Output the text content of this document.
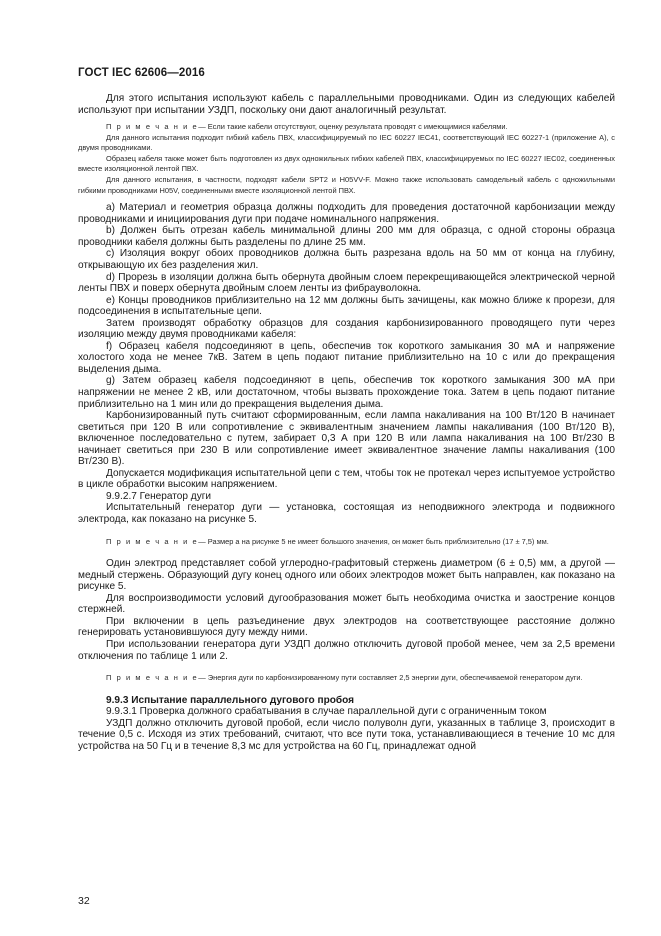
ГОСТ IEC 62606—2016

Для этого испытания используют кабель с параллельными проводниками. Один из следующих кабелей используют при испытании УЗДП, поскольку они дают аналогичный результат.

П р и м е ч а н и е— Если такие кабели отсутствуют, оценку результата проводят с имеющимися кабелями.
Для данного испытания подходит гибкий кабель ПВХ, классифицируемый по IEC 60227 IEC41, соответствующий IEC 60227-1 (приложение А), с двумя проводниками.
Образец кабеля также может быть подготовлен из двух одножильных гибких кабелей ПВХ, классифицируемых по IEC 60227 IEC02, соединенных вместе изоляционной лентой ПВХ.
Для данного испытания, в частности, подходят кабели SPT2 и H05VV-F. Можно также использовать самодельный кабель с одножильными гибкими проводниками H05V, соединенными вместе изоляционной лентой ПВХ.

а) Материал и геометрия образца должны подходить для проведения достаточной карбонизации между проводниками и инициирования дуги при подаче номинального напряжения.

b) Должен быть отрезан кабель минимальной длины 200 мм для образца, с одной стороны образца проводники кабеля должны быть разделены по длине 25 мм.

c) Изоляция вокруг обоих проводников должна быть разрезана вдоль на 50 мм от конца на глубину, открывающую их без разделения жил.

d) Прорезь в изоляции должна быть обернута двойным слоем перекрещивающейся электрической черной ленты ПВХ и поверх обернута двойным слоем ленты из фибpayволокна.

e) Концы проводников приблизительно на 12 мм должны быть зачищены, как можно ближе к прорези, для подсоединения в испытательные цепи.

Затем производят обработку образцов для создания карбонизированного проводящего пути через изоляцию между двумя проводниками кабеля:

f) Образец кабеля подсоединяют в цепь, обеспечив ток короткого замыкания 30 мА и напряжение холостого хода не менее 7кВ. Затем в цепь подают питание приблизительно на 10 с или до прекращения выделения дыма.

g) Затем образец кабеля подсоединяют в цепь, обеспечив ток короткого замыкания 300 мА при напряжении не менее 2 кВ, или достаточном, чтобы вызвать прохождение тока. Затем в цепь подают питание приблизительно на 1 мин или до прекращения выделения дыма.

Карбонизированный путь считают сформированным, если лампа накаливания на 100 Вт/120 В начинает светиться при 120 В или сопротивление с эквивалентным значением лампы накаливания (100 Вт/120 В), включенное последовательно с путем, забирает 0,3 А при 120 В или лампа накаливания на 100 Вт/230 В начинает светиться при 230 В или сопротивление имеет эквивалентное значение лампы накаливания (100 Вт/230 В).

Допускается модификация испытательной цепи с тем, чтобы ток не протекал через испытуемое устройство в цикле обработки высоким напряжением.

9.9.2.7 Генератор дуги

Испытательный генератор дуги — установка, состоящая из неподвижного электрода и подвижного электрода, как показано на рисунке 5.

П р и м е ч а н и е— Размер a на рисунке 5 не имеет большого значения, он может быть приблизительно (17 ± 7,5) мм.

Один электрод представляет собой углеродно-графитовый стержень диаметром (6 ± 0,5) мм, а другой — медный стержень. Образующий дугу конец одного или обоих электродов может быть направлен, как показано на рисунке 5.

Для воспроизводимости условий дугообразования может быть необходима очистка и заострение концов стержней.

При включении в цепь разъединение двух электродов на соответствующее расстояние должно генерировать установившуюся дугу между ними.

При использовании генератора дуги УЗДП должно отключить дуговой пробой менее, чем за 2,5 времени отключения по таблице 1 или 2.

П р и м е ч а н и е— Энергия дуги по карбонизированному пути составляет 2,5 энергии дуги, обеспечиваемой генератором дуги.

9.9.3 Испытание параллельного дугового пробоя

9.9.3.1 Проверка должного срабатывания в случае параллельной дуги с ограниченным током

УЗДП должно отключить дуговой пробой, если число полуволн дуги, указанных в таблице 3, происходит в течение 0,5 с. Исходя из этих требований, считают, что все пути тока, устанавливающиеся в течение 10 мс для устройства на 50 Гц и в течение 8,3 мс для устройства на 60 Гц, принадлежат одной

32
